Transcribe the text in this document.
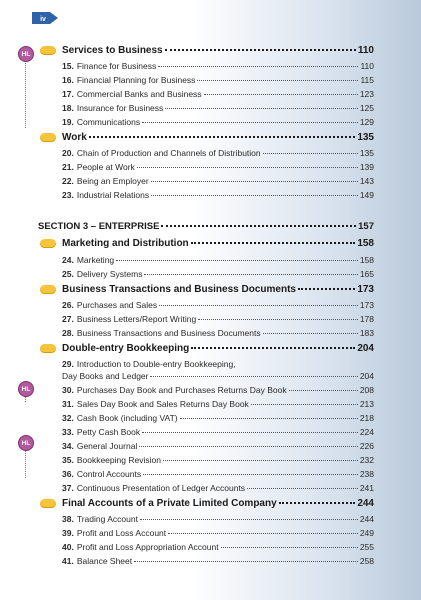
iv
HL
HL
HL
Services to Business	110
15. Finance for Business	110
16. Financial Planning for Business	115
17. Commercial Banks and Business	123
18. Insurance for Business	125
19. Communications	129
Work	135
20. Chain of Production and Channels of Distribution	135
21. People at Work	139
22. Being an Employer	143
23. Industrial Relations	149
SECTION 3 – ENTERPRISE	157
Marketing and Distribution	158
24. Marketing	158
25. Delivery Systems	165
Business Transactions and Business Documents	173
26. Purchases and Sales	173
27. Business Letters/Report Writing	178
28. Business Transactions and Business Documents	183
Double-entry Bookkeeping	204
29. Introduction to Double-entry Bookkeeping,
Day Books and Ledger	204
30. Purchases Day Book and Purchases Returns Day Book	208
31. Sales Day Book and Sales Returns Day Book	213
32. Cash Book (including VAT)	218
33. Petty Cash Book	224
34. General Journal	226
35. Bookkeeping Revision	232
36. Control Accounts	238
37. Continuous Presentation of Ledger Accounts	241
Final Accounts of a Private Limited Company	244
38. Trading Account	244
39. Profit and Loss Account	249
40. Profit and Loss Appropriation Account	255
41. Balance Sheet	258
